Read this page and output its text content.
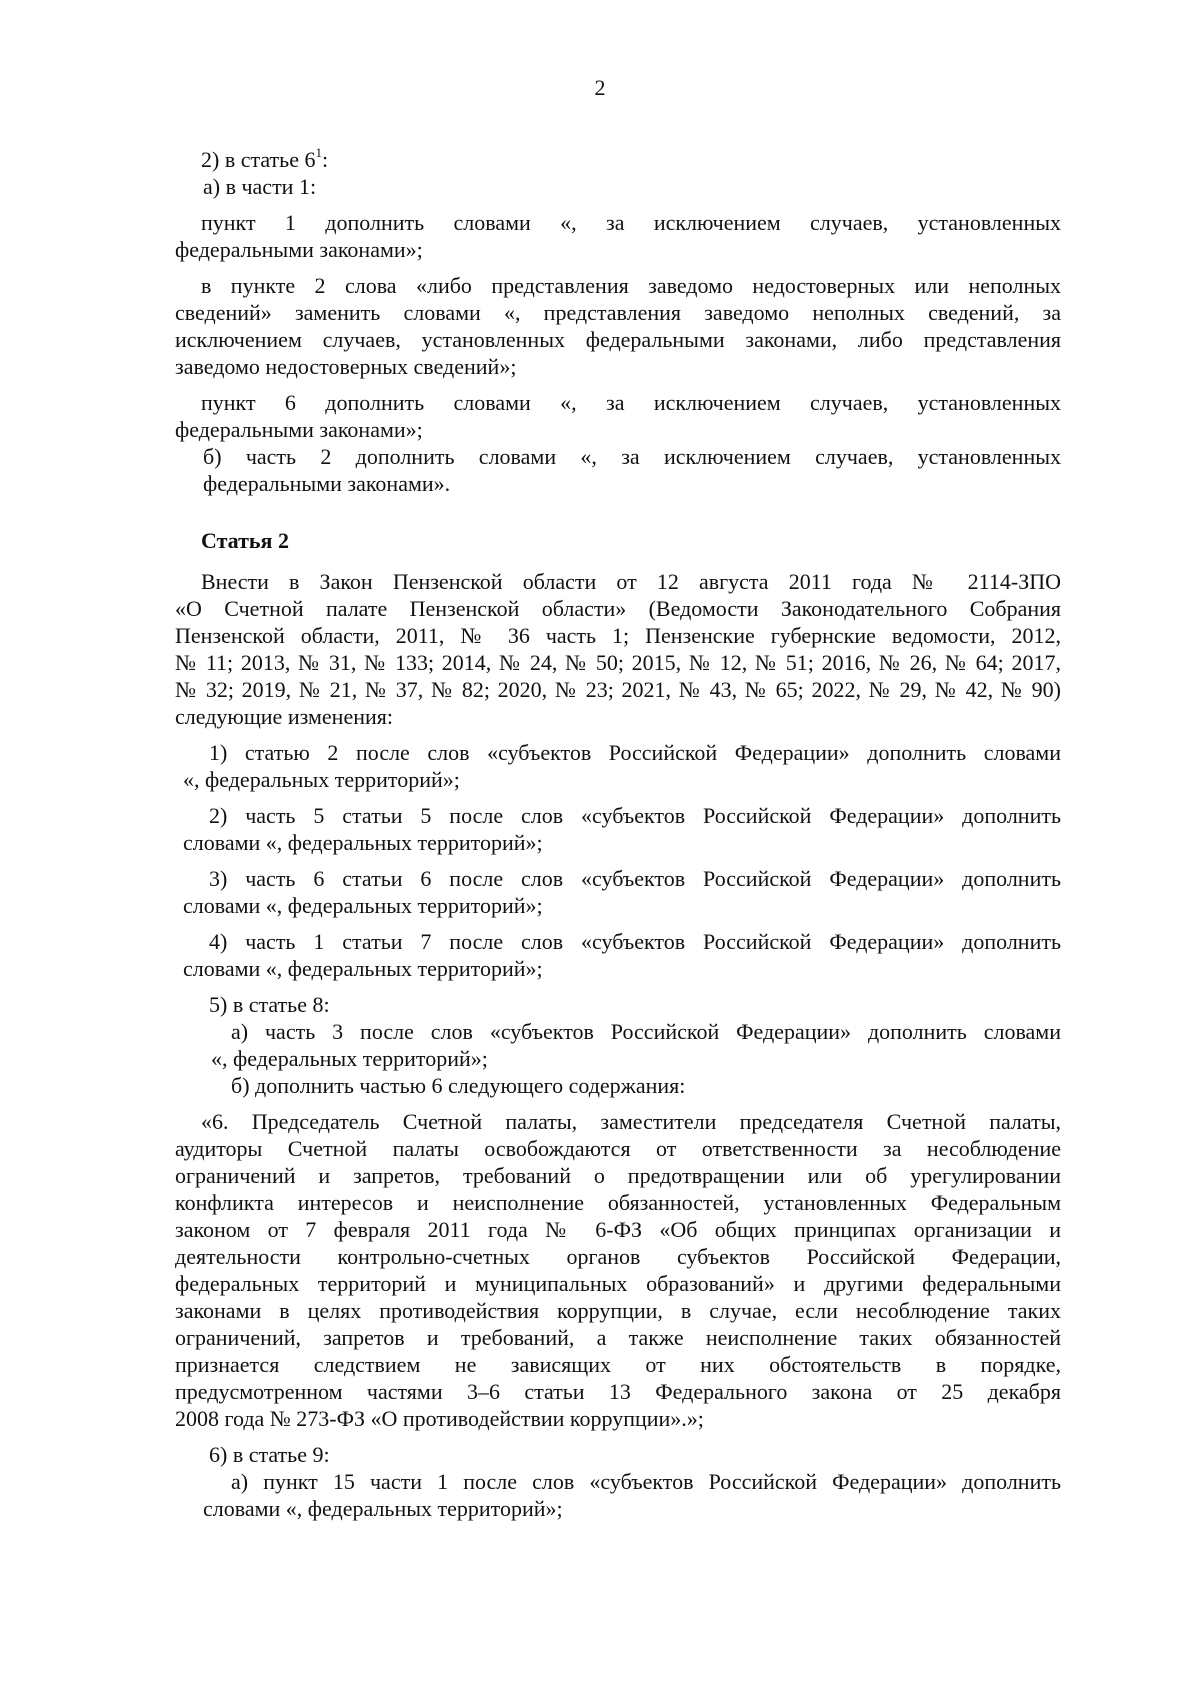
2

2) в статье $6^1$:

а) в части 1:

пункт 1 дополнить словами «, за исключением случаев, установленных
федеральными законами»;

в пункте 2 слова «либо представления заведомо недостоверных или неполных
сведений» заменить словами «, представления заведомо неполных сведений, за
исключением случаев, установленных федеральными законами, либо представления
заведомо недостоверных сведений»;

пункт 6 дополнить словами «, за исключением случаев, установленных
федеральными законами»;

б) часть 2 дополнить словами «, за исключением случаев, установленных
федеральными законами».

Статья 2

Внести в Закон Пензенской области от 12 августа 2011 года № 2114-ЗПО
«О Счетной палате Пензенской области» (Ведомости Законодательного Собрания
Пензенской области, 2011, № 36 часть 1; Пензенские губернские ведомости, 2012,
№ 11; 2013, № 31, № 133; 2014, № 24, № 50; 2015, № 12, № 51; 2016, № 26, № 64; 2017,
№ 32; 2019, № 21, № 37, № 82; 2020, № 23; 2021, № 43, № 65; 2022, № 29, № 42, № 90)
следующие изменения:

1) статью 2 после слов «субъектов Российской Федерации» дополнить словами
«, федеральных территорий»;

2) часть 5 статьи 5 после слов «субъектов Российской Федерации» дополнить
словами «, федеральных территорий»;

3) часть 6 статьи 6 после слов «субъектов Российской Федерации» дополнить
словами «, федеральных территорий»;

4) часть 1 статьи 7 после слов «субъектов Российской Федерации» дополнить
словами «, федеральных территорий»;

5) в статье 8:

а) часть 3 после слов «субъектов Российской Федерации» дополнить словами
«, федеральных территорий»;

б) дополнить частью 6 следующего содержания:

«6. Председатель Счетной палаты, заместители председателя Счетной палаты,
аудиторы Счетной палаты освобождаются от ответственности за несоблюдение
ограничений и запретов, требований о предотвращении или об урегулировании
конфликта интересов и неисполнение обязанностей, установленных Федеральным
законом от 7 февраля 2011 года № 6-ФЗ «Об общих принципах организации и
деятельности контрольно-счетных органов субъектов Российской Федерации,
федеральных территорий и муниципальных образований» и другими федеральными
законами в целях противодействия коррупции, в случае, если несоблюдение таких
ограничений, запретов и требований, а также неисполнение таких обязанностей
признается следствием не зависящих от них обстоятельств в порядке,
предусмотренном частями 3–6 статьи 13 Федерального закона от 25 декабря
2008 года № 273-ФЗ «О противодействии коррупции».»;

6) в статье 9:

а) пункт 15 части 1 после слов «субъектов Российской Федерации» дополнить
словами «, федеральных территорий»;
